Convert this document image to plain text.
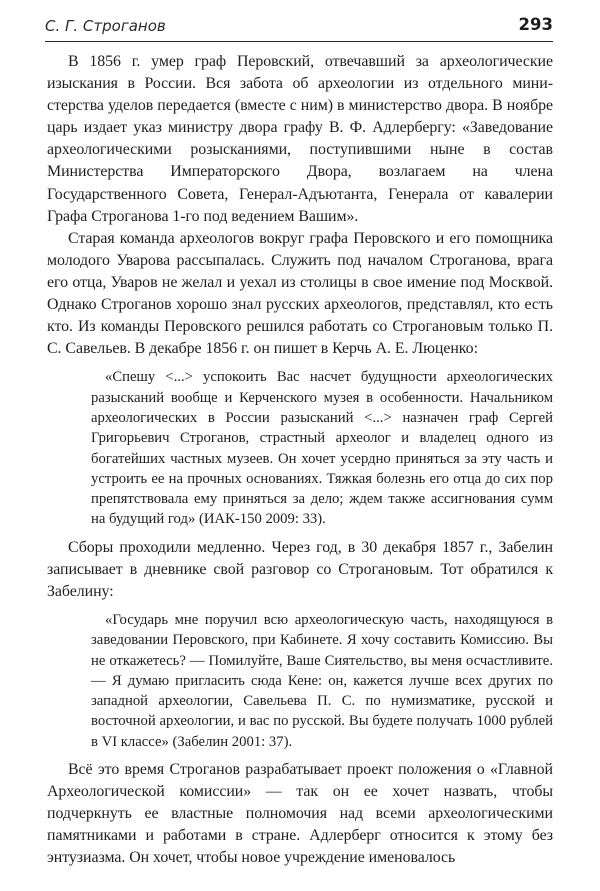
С. Г. Строганов	293

В 1856 г. умер граф Перовский, отвечавший за археологические изыскания в России. Вся забота об археологии из отдельного министерства уделов передается (вместе с ним) в министерство двора. В ноябре царь издает указ министру двора графу В. Ф. Адлербергу: «Заведование археологическими розысканиями, поступившими ныне в состав Министерства Императорского Двора, возлагаем на члена Государственного Совета, Генерал-Адъютанта, Генерала от кавалерии Графа Строганова 1-го под ведением Вашим».

Старая команда археологов вокруг графа Перовского и его помощника молодого Уварова рассыпалась. Служить под началом Строганова, врага его отца, Уваров не желал и уехал из столицы в свое имение под Москвой. Однако Строганов хорошо знал русских археологов, представлял, кто есть кто. Из команды Перовского решился работать со Строгановым только П. С. Савельев. В декабре 1856 г. он пишет в Керчь А. Е. Люценко:

«Спешу <...> успокоить Вас насчет будущности археологических разысканий вообще и Керченского музея в особенности. Начальником археологических в России разысканий <...> назначен граф Сергей Григорьевич Строганов, страстный археолог и владелец одного из богатейших частных музеев. Он хочет усердно приняться за эту часть и устроить ее на прочных основаниях. Тяжкая болезнь его отца до сих пор препятствовала ему приняться за дело; ждем также ассигнования сумм на будущий год» (ИАК-150 2009: 33).

Сборы проходили медленно. Через год, в 30 декабря 1857 г., Забелин записывает в дневнике свой разговор со Строгановым. Тот обратился к Забелину:

«Государь мне поручил всю археологическую часть, находящуюся в заведовании Перовского, при Кабинете. Я хочу составить Комиссию. Вы не откажетесь? — Помилуйте, Ваше Сиятельство, вы меня осчастливите. — Я думаю пригласить сюда Кене: он, кажется лучше всех других по западной археологии, Савельева П. С. по нумизматике, русской и восточной археологии, и вас по русской. Вы будете получать 1000 рублей в VI классе» (Забелин 2001: 37).

Всё это время Строганов разрабатывает проект положения о «Главной Археологической комиссии» — так он ее хочет назвать, чтобы подчеркнуть ее властные полномочия над всеми археологическими памятниками и работами в стране. Адлерберг относится к этому без энтузиазма. Он хочет, чтобы новое учреждение именовалось
